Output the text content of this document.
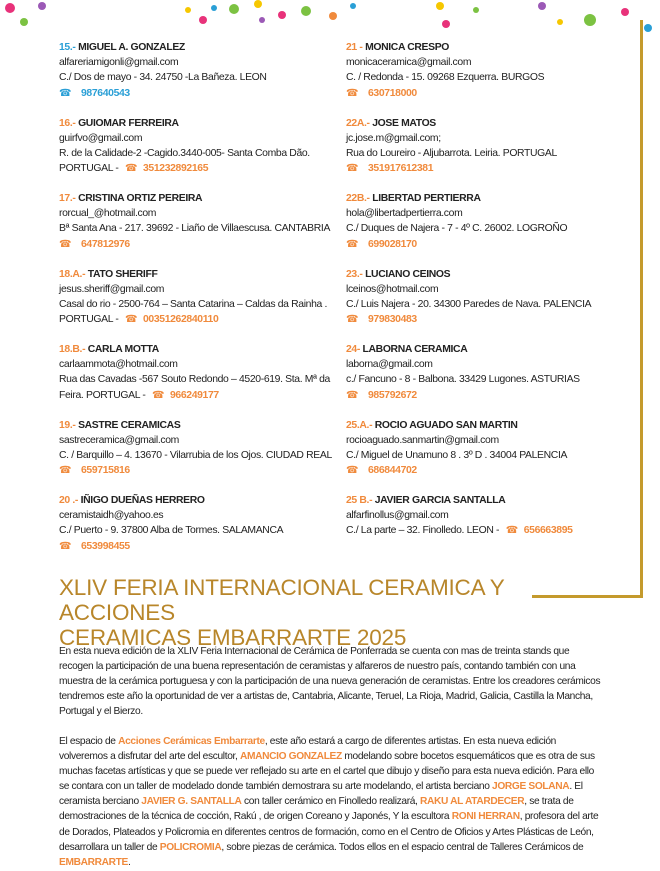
15.- MIGUEL A. GONZALEZ
alfareriamigonli@gmail.com
C./ Dos de mayo - 34. 24750 -La Bañeza. LEON
☎ 987640543
16.- GUIOMAR FERREIRA
guirfvo@gmail.com
R. de la Calidade-2 -Cagido.3440-005- Santa Comba Dão.
PORTUGAL - ☎ 351232892165
17.- CRISTINA ORTIZ PEREIRA
rorcual_@hotmail.com
Bª Santa Ana - 217. 39692 - Liaño de Villaescusa. CANTABRIA
☎ 647812976
18.A.- TATO SHERIFF
jesus.sheriff@gmail.com
Casal do rio - 2500-764 – Santa Catarina – Caldas da Rainha .
PORTUGAL - ☎ 00351262840110
18.B.- CARLA MOTTA
carlaammota@hotmail.com
Rua das Cavadas -567 Souto Redondo – 4520-619. Sta. Mª da
Feira. PORTUGAL - ☎ 966249177
19.- SASTRE CERAMICAS
sastreceramica@gmail.com
C. / Barquillo – 4. 13670 - Vilarrubia de los Ojos. CIUDAD REAL
☎ 659715816
20 .- IÑIGO DUEÑAS HERRERO
ceramistaidh@yahoo.es
C./ Puerto - 9. 37800 Alba de Tormes. SALAMANCA
☎ 653998455
21 - MONICA CRESPO
monicaceramica@gmail.com
C. / Redonda - 15. 09268 Ezquerra. BURGOS
☎ 630718000
22A.- JOSE MATOS
jc.jose.m@gmail.com;
Rua do Loureiro - Aljubarrota. Leiria. PORTUGAL
☎ 351917612381
22B.- LIBERTAD PERTIERRA
hola@libertadpertierra.com
C./ Duques de Najera - 7 - 4º C. 26002. LOGROÑO
☎ 699028170
23.- LUCIANO CEINOS
lceinos@hotmail.com
C./ Luis Najera - 20. 34300 Paredes de Nava. PALENCIA
☎ 979830483
24- LABORNA CERAMICA
laborna@gmail.com
c./ Fancuno - 8 - Balbona. 33429 Lugones. ASTURIAS
☎ 985792672
25.A.- ROCIO AGUADO SAN MARTIN
rocioaguado.sanmartin@gmail.com
C./ Miguel de Unamuno 8 . 3º D . 34004 PALENCIA
☎ 686844702
25 B.- JAVIER GARCIA SANTALLA
alfarfinollus@gmail.com
C./ La parte – 32. Finolledo. LEON - ☎ 656663895
XLIV FERIA INTERNACIONAL CERAMICA Y ACCIONES
CERAMICAS EMBARRARTE 2025
En esta nueva edición de la XLIV Feria Internacional de Cerámica de Ponferrada se cuenta con mas de treinta stands que recogen la participación de una buena representación de ceramistas y alfareros de nuestro país, contando también con una muestra de la cerámica portuguesa y con la participación de una nueva generación de ceramistas. Entre los creadores cerámicos tendremos este año la oportunidad de ver a artistas de, Cantabria, Alicante, Teruel, La Rioja, Madrid, Galicia, Castilla la Mancha, Portugal y el Bierzo.
El espacio de Acciones Cerámicas Embarrarte, este año estará a cargo de diferentes artistas. En esta nueva edición volveremos a disfrutar del arte del escultor, AMANCIO GONZALEZ modelando sobre bocetos esquemáticos que es otra de sus muchas facetas artísticas y que se puede ver reflejado su arte en el cartel que dibujo y diseño para esta nueva edición. Para ello se contara con un taller de modelado donde también demostrara su arte modelando, el artista berciano JORGE SOLANA. El ceramista berciano JAVIER G. SANTALLA con taller cerámico en Finolledo realizará, RAKU AL ATARDECER, se trata de demostraciones de la técnica de cocción, Rakú , de origen Coreano y Japonés, Y la escultora RONI HERRAN, profesora del arte de Dorados, Plateados y Policromia en diferentes centros de formación, como en el Centro de Oficios y Artes Plásticas de León, desarrollara un taller de POLICROMIA, sobre piezas de cerámica. Todos ellos en el espacio central de Talleres Cerámicos de EMBARRARTE.
